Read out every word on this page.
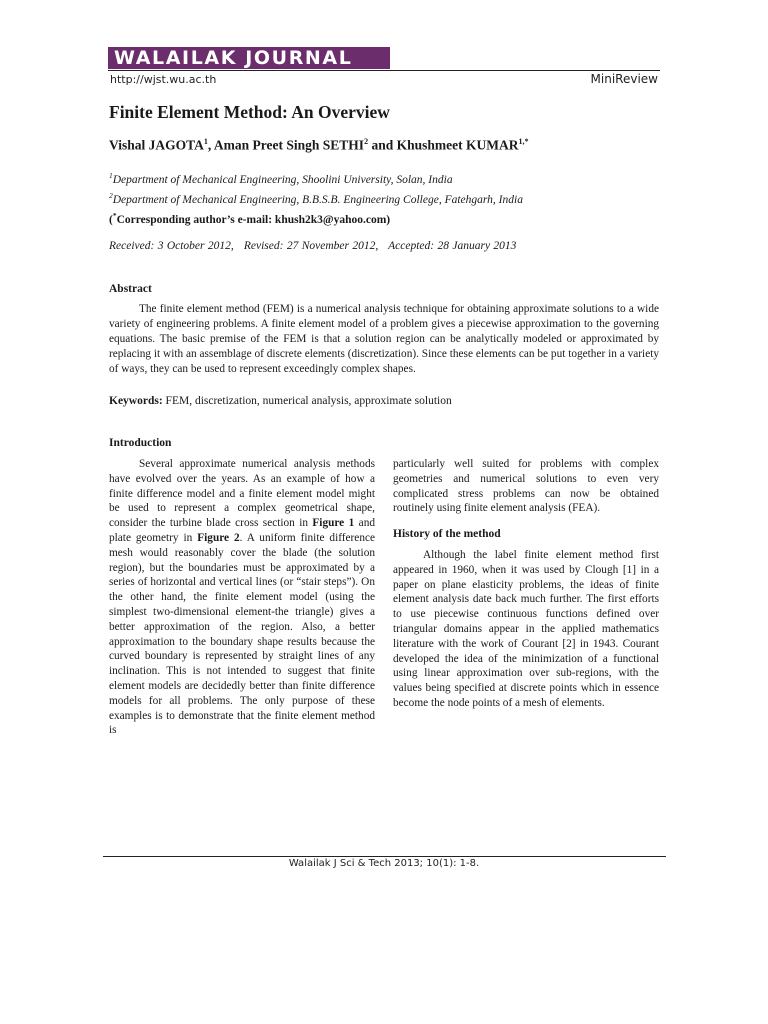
WALAILAK JOURNAL
http://wjst.wu.ac.th	MiniReview
Finite Element Method: An Overview
Vishal JAGOTA$^1$, Aman Preet Singh SETHI$^2$ and Khushmeet $KUMAR^{1,*}$
$^1$Department of Mechanical Engineering, Shoolini University, Solan, India
$^2$Department of Mechanical Engineering, B.B.S.B. Engineering College, Fatehgarh, India
(*Corresponding author’s e-mail: khush2k3@yahoo.com)
Received: 3 October 2012,   Revised: 27 November 2012,   Accepted: 28 January 2013
Abstract

The finite element method (FEM) is a numerical analysis technique for obtaining approximate solutions to a wide variety of engineering problems. A finite element model of a problem gives a piecewise approximation to the governing equations. The basic premise of the FEM is that a solution region can be analytically modeled or approximated by replacing it with an assemblage of discrete elements (discretization). Since these elements can be put together in a variety of ways, they can be used to represent exceedingly complex shapes.

Keywords: FEM, discretization, numerical analysis, approximate solution
Introduction

Several approximate numerical analysis methods have evolved over the years. As an example of how a finite difference model and a finite element model might be used to represent a complex geometrical shape, consider the turbine blade cross section in Figure 1 and plate geometry in Figure 2. A uniform finite difference mesh would reasonably cover the blade (the solution region), but the boundaries must be approximated by a series of horizontal and vertical lines (or “stair steps”). On the other hand, the finite element model (using the simplest two-dimensional element-the triangle) gives a better approximation of the region. Also, a better approximation to the boundary shape results because the curved boundary is represented by straight lines of any inclination. This is not intended to suggest that finite element models are decidedly better than finite difference models for all problems. The only purpose of these examples is to demonstrate that the finite element method is

particularly well suited for problems with complex geometries and numerical solutions to even very complicated stress problems can now be obtained routinely using finite element analysis (FEA).

History of the method

Although the label finite element method first appeared in 1960, when it was used by Clough [1] in a paper on plane elasticity problems, the ideas of finite element analysis date back much further. The first efforts to use piecewise continuous functions defined over triangular domains appear in the applied mathematics literature with the work of Courant [2] in 1943. Courant developed the idea of the minimization of a functional using linear approximation over sub-regions, with the values being specified at discrete points which in essence become the node points of a mesh of elements.

Walailak J Sci & Tech 2013; 10(1): 1-8.
